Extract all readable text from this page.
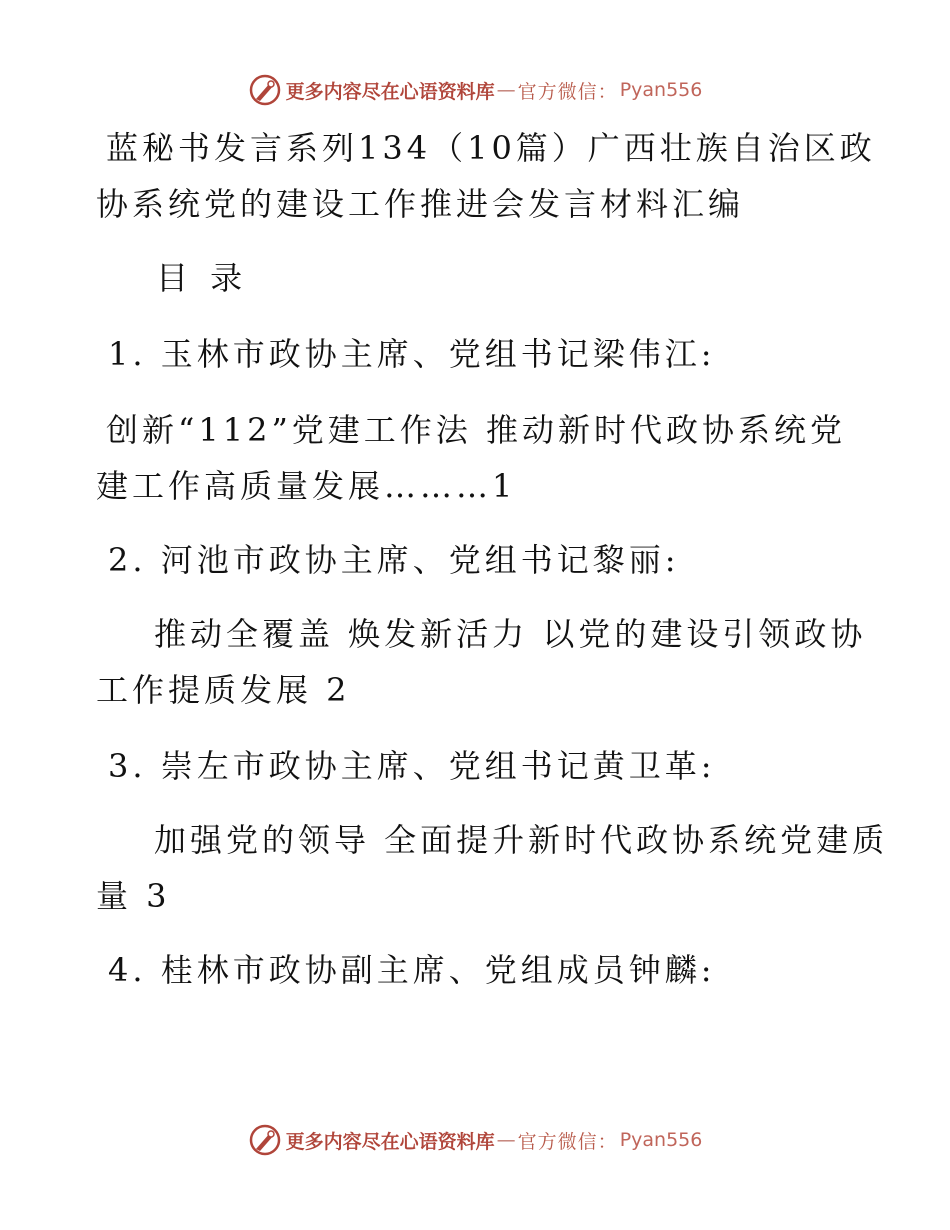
更多内容尽在心语资料库 — 官方微信： Pyan556
蓝秘书发言系列134（10篇）广西壮族自治区政
协系统党的建设工作推进会发言材料汇编
目 录
1. 玉林市政协主席、党组书记梁伟江:
创新“112”党建工作法 推动新时代政协系统党
建工作高质量发展………1
2. 河池市政协主席、党组书记黎丽:
推动全覆盖 焕发新活力 以党的建设引领政协
工作提质发展 2
3. 崇左市政协主席、党组书记黄卫革:
加强党的领导 全面提升新时代政协系统党建质
量 3
4. 桂林市政协副主席、党组成员钟麟:
更多内容尽在心语资料库 — 官方微信： Pyan556
